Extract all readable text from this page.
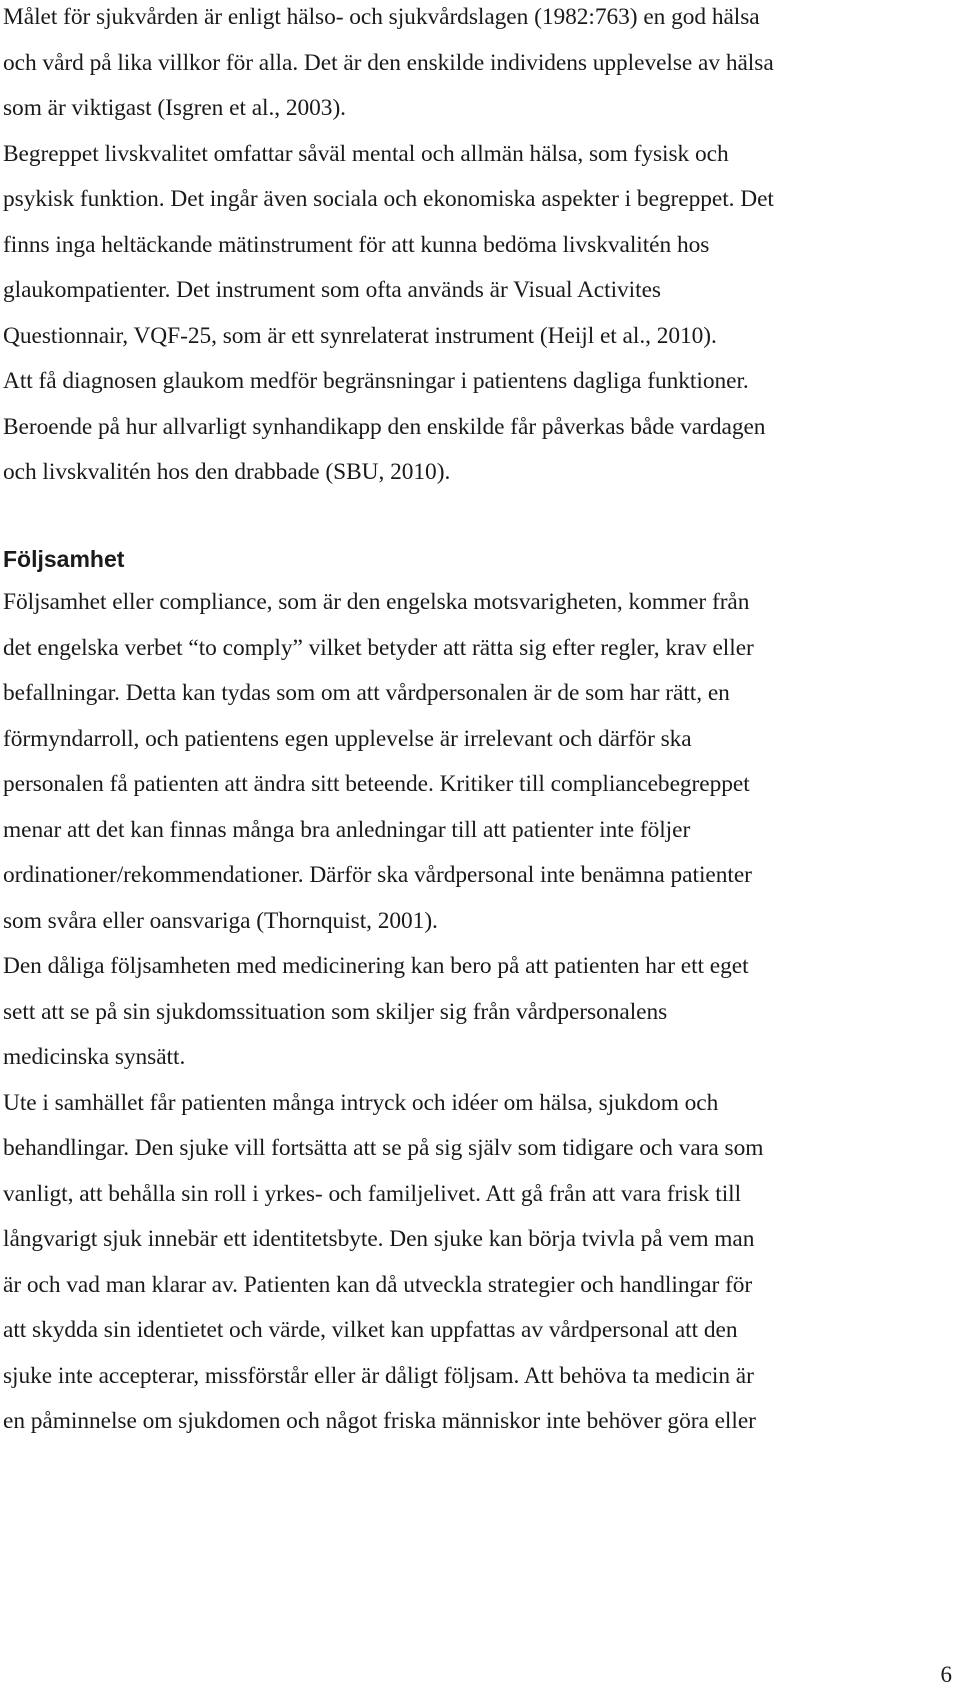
Målet för sjukvården är enligt hälso- och sjukvårdslagen (1982:763) en god hälsa
och vård på lika villkor för alla. Det är den enskilde individens upplevelse av hälsa
som är viktigast (Isgren et al., 2003).
Begreppet livskvalitet omfattar såväl mental och allmän hälsa, som fysisk och
psykisk funktion. Det ingår även sociala och ekonomiska aspekter i begreppet. Det
finns inga heltäckande mätinstrument för att kunna bedöma livskvalitén hos
glaukompatienter. Det instrument som ofta används är Visual Activites
Questionnair, VQF-25, som är ett synrelaterat instrument (Heijl et al., 2010).
Att få diagnosen glaukom medför begränsningar i patientens dagliga funktioner.
Beroende på hur allvarligt synhandikapp den enskilde får påverkas både vardagen
och livskvalitén hos den drabbade (SBU, 2010).
Följsamhet
Följsamhet eller compliance, som är den engelska motsvarigheten, kommer från
det engelska verbet “to comply” vilket betyder att rätta sig efter regler, krav eller
befallningar. Detta kan tydas som om att vårdpersonalen är de som har rätt, en
förmyndarroll, och patientens egen upplevelse är irrelevant och därför ska
personalen få patienten att ändra sitt beteende. Kritiker till compliancebegreppet
menar att det kan finnas många bra anledningar till att patienter inte följer
ordinationer/rekommendationer. Därför ska vårdpersonal inte benämna patienter
som svåra eller oansvariga (Thornquist, 2001).
Den dåliga följsamheten med medicinering kan bero på att patienten har ett eget
sett att se på sin sjukdomssituation som skiljer sig från vårdpersonalens
medicinska synsätt.
Ute i samhället får patienten många intryck och idéer om hälsa, sjukdom och
behandlingar. Den sjuke vill fortsätta att se på sig själv som tidigare och vara som
vanligt, att behålla sin roll i yrkes- och familjelivet. Att gå från att vara frisk till
långvarigt sjuk innebär ett identitetsbyte. Den sjuke kan börja tvivla på vem man
är och vad man klarar av. Patienten kan då utveckla strategier och handlingar för
att skydda sin identietet och värde, vilket kan uppfattas av vårdpersonal att den
sjuke inte accepterar, missförstår eller är dåligt följsam. Att behöva ta medicin är
en påminnelse om sjukdomen och något friska människor inte behöver göra eller
6
